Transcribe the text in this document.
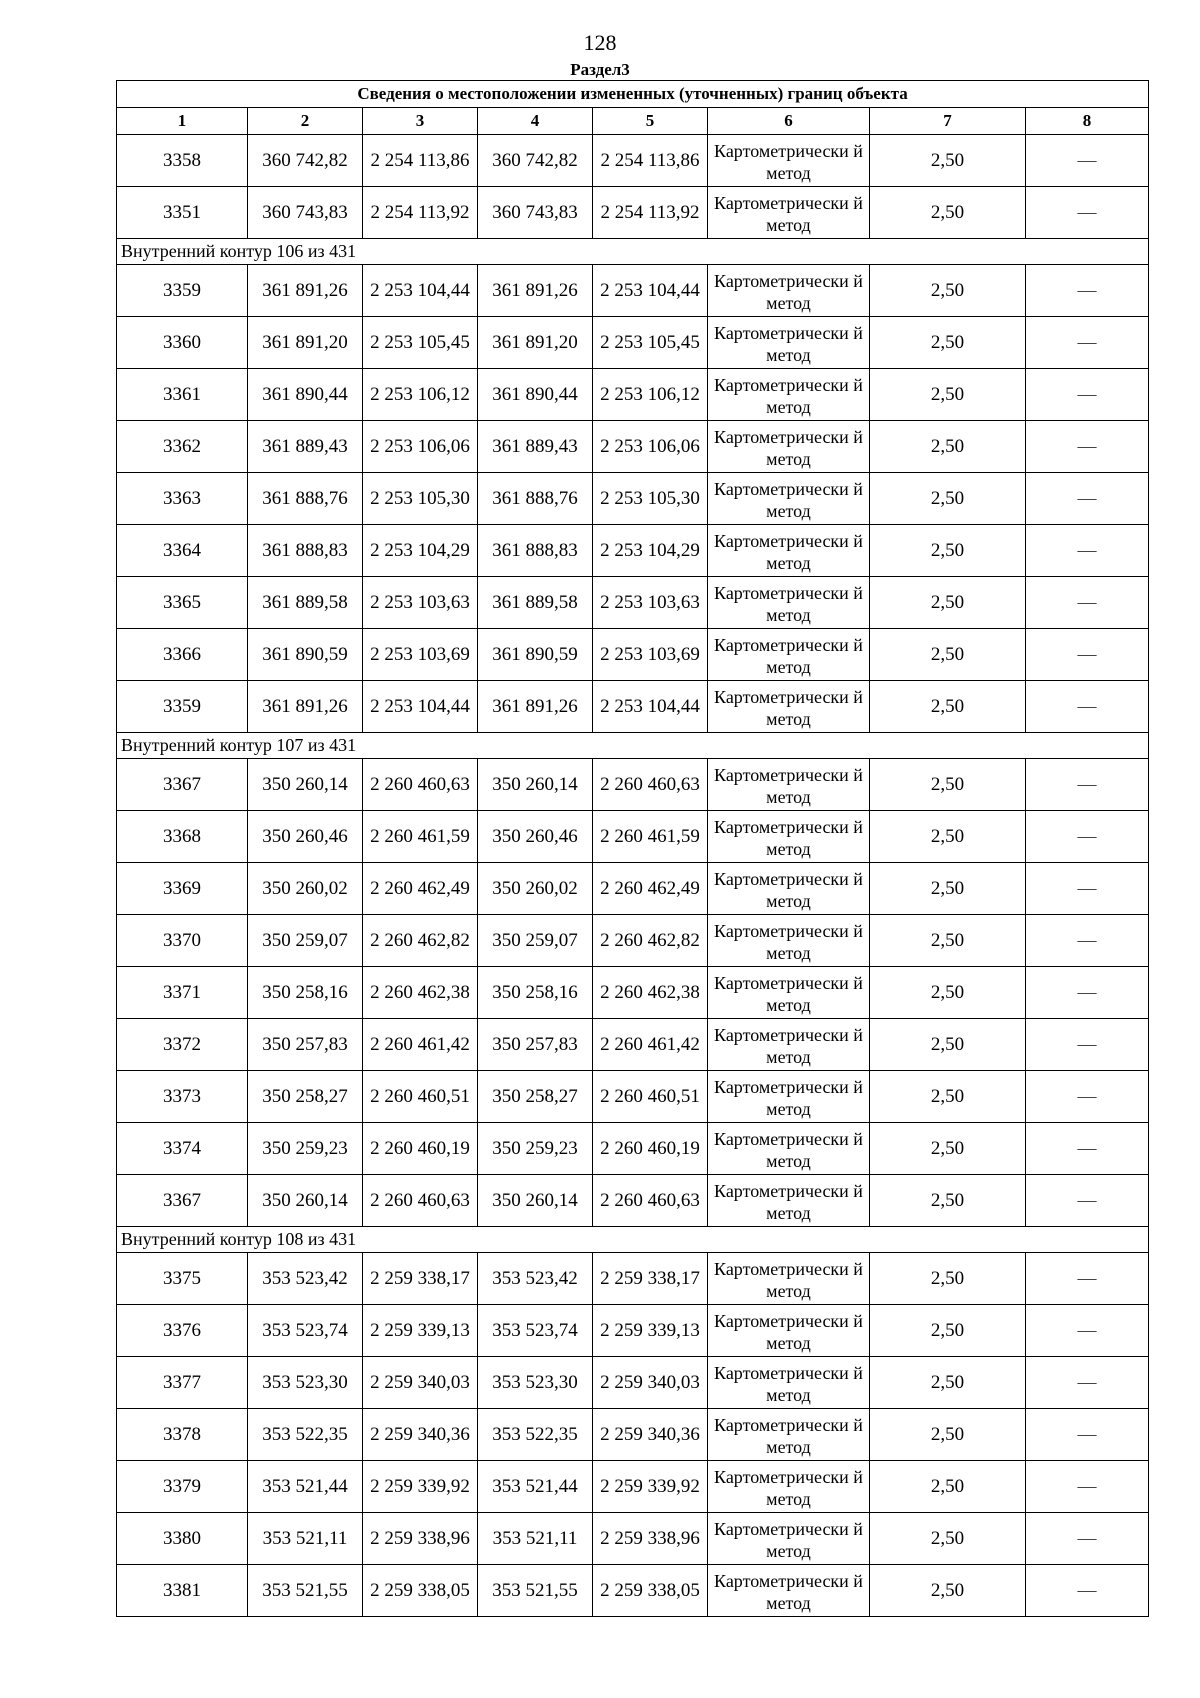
128
Раздел3
Сведения о местоположении измененных (уточненных) границ объекта							
1	2	3	4	5	6	7	8
3358	360 742,82	2 254 113,86	360 742,82	2 254 113,86	Картометрически й метод	2,50	—
3351	360 743,83	2 254 113,92	360 743,83	2 254 113,92	Картометрически й метод	2,50	—
Внутренний контур 106 из 431							
3359	361 891,26	2 253 104,44	361 891,26	2 253 104,44	Картометрически й метод	2,50	—
3360	361 891,20	2 253 105,45	361 891,20	2 253 105,45	Картометрически й метод	2,50	—
3361	361 890,44	2 253 106,12	361 890,44	2 253 106,12	Картометрически й метод	2,50	—
3362	361 889,43	2 253 106,06	361 889,43	2 253 106,06	Картометрически й метод	2,50	—
3363	361 888,76	2 253 105,30	361 888,76	2 253 105,30	Картометрически й метод	2,50	—
3364	361 888,83	2 253 104,29	361 888,83	2 253 104,29	Картометрически й метод	2,50	—
3365	361 889,58	2 253 103,63	361 889,58	2 253 103,63	Картометрически й метод	2,50	—
3366	361 890,59	2 253 103,69	361 890,59	2 253 103,69	Картометрически й метод	2,50	—
3359	361 891,26	2 253 104,44	361 891,26	2 253 104,44	Картометрически й метод	2,50	—
Внутренний контур 107 из 431							
3367	350 260,14	2 260 460,63	350 260,14	2 260 460,63	Картометрически й метод	2,50	—
3368	350 260,46	2 260 461,59	350 260,46	2 260 461,59	Картометрически й метод	2,50	—
3369	350 260,02	2 260 462,49	350 260,02	2 260 462,49	Картометрически й метод	2,50	—
3370	350 259,07	2 260 462,82	350 259,07	2 260 462,82	Картометрически й метод	2,50	—
3371	350 258,16	2 260 462,38	350 258,16	2 260 462,38	Картометрически й метод	2,50	—
3372	350 257,83	2 260 461,42	350 257,83	2 260 461,42	Картометрически й метод	2,50	—
3373	350 258,27	2 260 460,51	350 258,27	2 260 460,51	Картометрически й метод	2,50	—
3374	350 259,23	2 260 460,19	350 259,23	2 260 460,19	Картометрически й метод	2,50	—
3367	350 260,14	2 260 460,63	350 260,14	2 260 460,63	Картометрически й метод	2,50	—
Внутренний контур 108 из 431							
3375	353 523,42	2 259 338,17	353 523,42	2 259 338,17	Картометрически й метод	2,50	—
3376	353 523,74	2 259 339,13	353 523,74	2 259 339,13	Картометрически й метод	2,50	—
3377	353 523,30	2 259 340,03	353 523,30	2 259 340,03	Картометрически й метод	2,50	—
3378	353 522,35	2 259 340,36	353 522,35	2 259 340,36	Картометрически й метод	2,50	—
3379	353 521,44	2 259 339,92	353 521,44	2 259 339,92	Картометрически й метод	2,50	—
3380	353 521,11	2 259 338,96	353 521,11	2 259 338,96	Картометрически й метод	2,50	—
3381	353 521,55	2 259 338,05	353 521,55	2 259 338,05	Картометрически й метод	2,50	—
